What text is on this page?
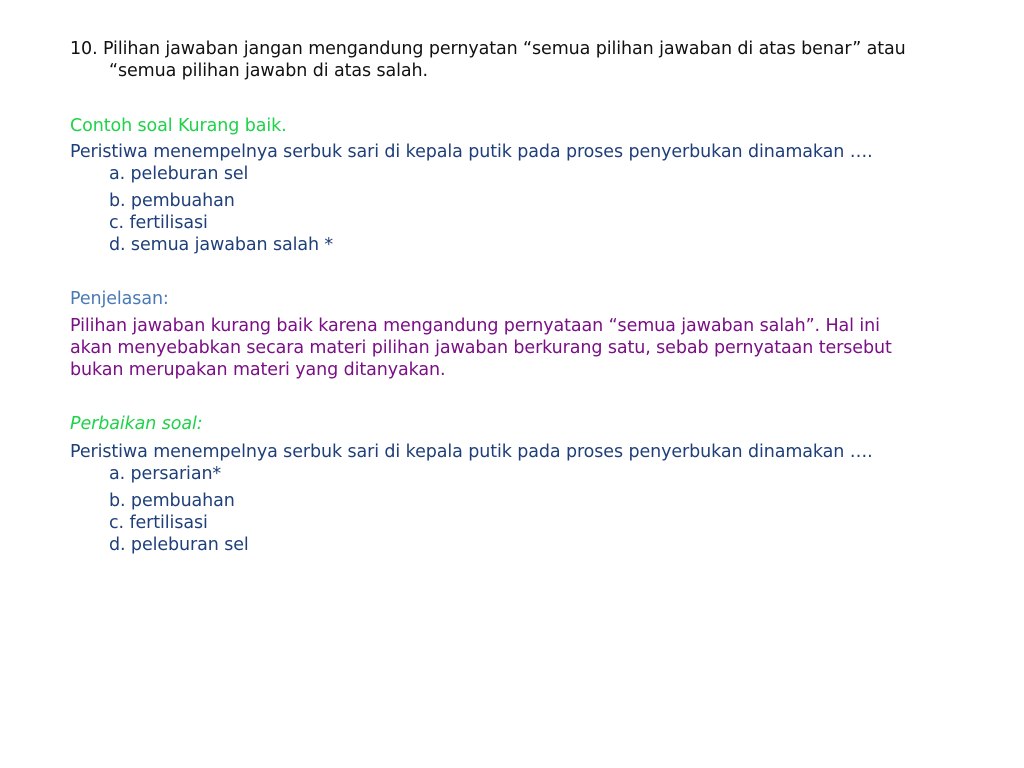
10. Pilihan jawaban jangan mengandung pernyatan “semua pilihan jawaban di atas benar” atau
“semua pilihan jawabn di atas salah.
Contoh soal Kurang baik.
Peristiwa menempelnya serbuk sari di kepala putik pada proses penyerbukan dinamakan ….
a. peleburan sel
b. pembuahan
c. fertilisasi
d. semua jawaban salah *
Penjelasan:
Pilihan jawaban kurang baik karena mengandung pernyataan “semua jawaban salah”. Hal ini
akan menyebabkan secara materi pilihan jawaban berkurang satu, sebab pernyataan tersebut
bukan merupakan materi yang ditanyakan.
Perbaikan soal:
Peristiwa menempelnya serbuk sari di kepala putik pada proses penyerbukan dinamakan ….
a. persarian*
b. pembuahan
c. fertilisasi
d. peleburan sel
